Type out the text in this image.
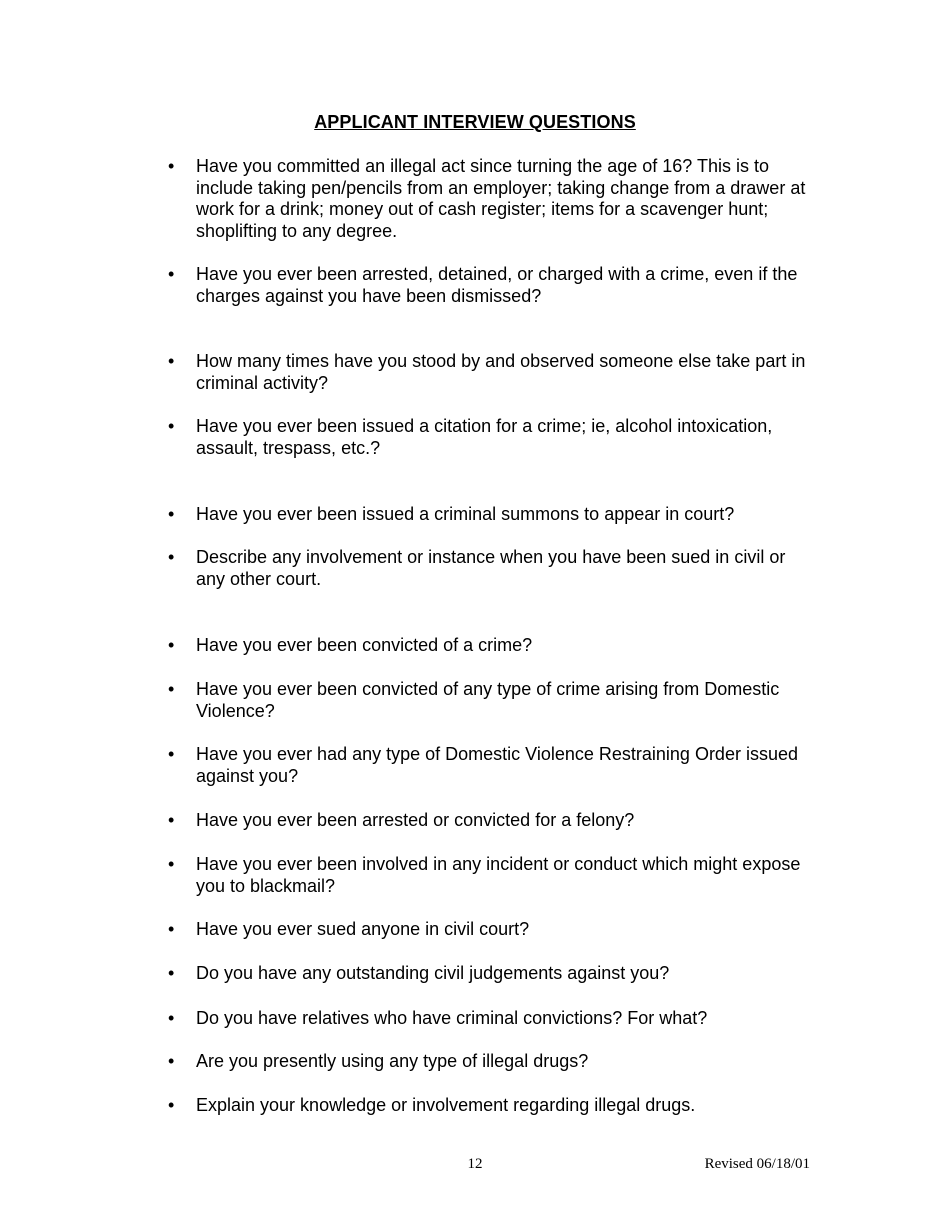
APPLICANT INTERVIEW QUESTIONS
•	Have you committed an illegal act since turning the age of 16? This is to include taking pen/pencils from an employer; taking change from a drawer at work for a drink; money out of cash register; items for a scavenger hunt; shoplifting to any degree.
•	Have you ever been arrested, detained, or charged with a crime, even if the charges against you have been dismissed?
•	How many times have you stood by and observed someone else take part in criminal activity?
•	Have you ever been issued a citation for a crime; ie, alcohol intoxication, assault, trespass, etc.?
•	Have you ever been issued a criminal summons to appear in court?
•	Describe any involvement or instance when you have been sued in civil or any other court.
•	Have you ever been convicted of a crime?
•	Have you ever been convicted of any type of crime arising from Domestic Violence?
•	Have you ever had any type of Domestic Violence Restraining Order issued against you?
•	Have you ever been arrested or convicted for a felony?
•	Have you ever been involved in any incident or conduct which might expose you to blackmail?
•	Have you ever sued anyone in civil court?
•	Do you have any outstanding civil judgements against you?
•	Do you have relatives who have criminal convictions? For what?
•	Are you presently using any type of illegal drugs?
•	Explain your knowledge or involvement regarding illegal drugs.
12	Revised 06/18/01
